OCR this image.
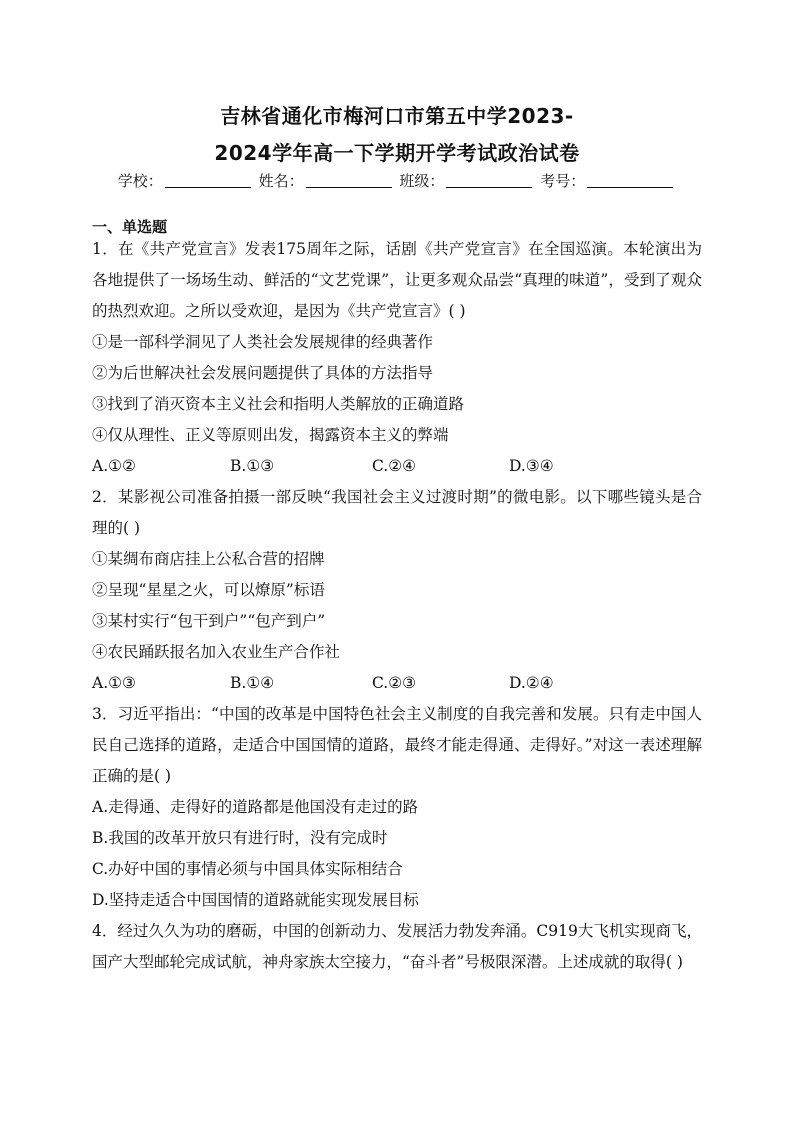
吉林省通化市梅河口市第五中学2023-
2024学年高一下学期开学考试政治试卷
学校：	姓名：	班级：	考号：
一、单选题

1．在《共产党宣言》发表175周年之际，话剧《共产党宣言》在全国巡演。本轮演出为各地提供了一场场生动、鲜活的“文艺党课”，让更多观众品尝“真理的味道”，受到了观众的热烈欢迎。之所以受欢迎，是因为《共产党宣言》( )

①是一部科学洞见了人类社会发展规律的经典著作

②为后世解决社会发展问题提供了具体的方法指导

③找到了消灭资本主义社会和指明人类解放的正确道路

④仅从理性、正义等原则出发，揭露资本主义的弊端

A.①②	B.①③	C.②④	D.③④

2．某影视公司准备拍摄一部反映“我国社会主义过渡时期”的微电影。以下哪些镜头是合理的( )

①某绸布商店挂上公私合营的招牌

②呈现“星星之火，可以燎原”标语

③某村实行“包干到户”“包产到户”

④农民踊跃报名加入农业生产合作社

A.①③	B.①④	C.②③	D.②④

3．习近平指出：“中国的改革是中国特色社会主义制度的自我完善和发展。只有走中国人民自己选择的道路，走适合中国国情的道路，最终才能走得通、走得好。”对这一表述理解正确的是( )

A.走得通、走得好的道路都是他国没有走过的路

B.我国的改革开放只有进行时，没有完成时

C.办好中国的事情必须与中国具体实际相结合

D.坚持走适合中国国情的道路就能实现发展目标

4．经过久久为功的磨砺，中国的创新动力、发展活力勃发奔涌。C919大飞机实现商飞，国产大型邮轮完成试航，神舟家族太空接力，“奋斗者”号极限深潜。上述成就的取得( )
